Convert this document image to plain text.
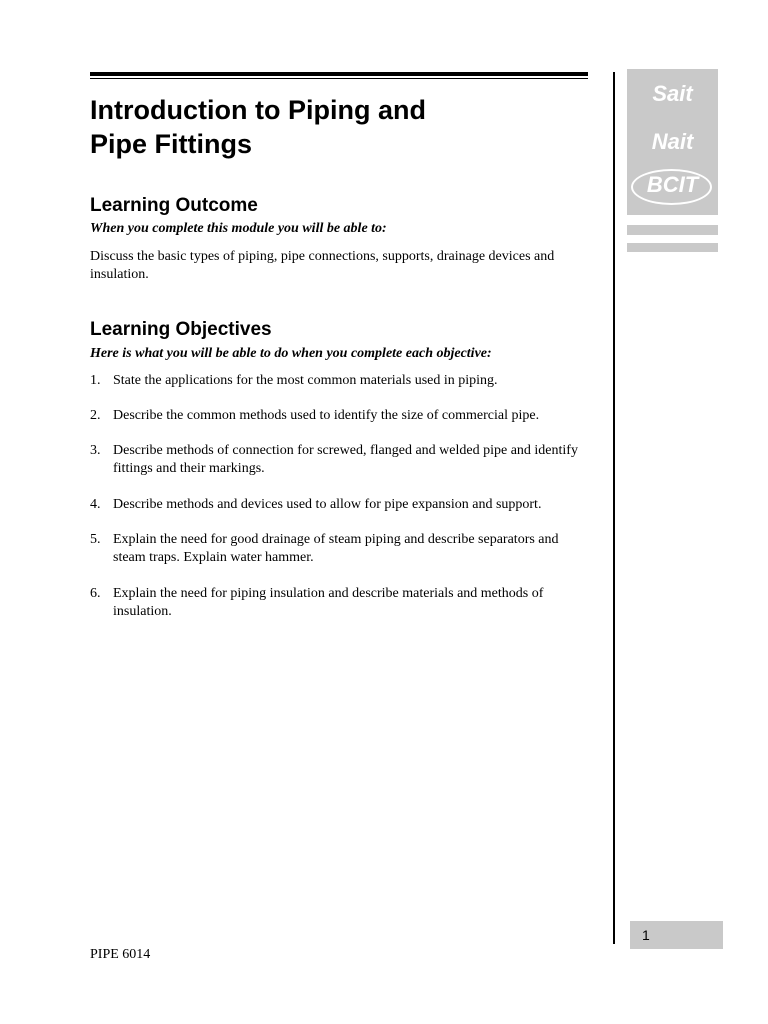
Sait
Nait
BCIT
Introduction to Piping and
Pipe Fittings
Learning Outcome
When you complete this module you will be able to:
Discuss the basic types of piping, pipe connections, supports, drainage devices and insulation.
Learning Objectives
Here is what you will be able to do when you complete each objective:
1. State the applications for the most common materials used in piping.
2. Describe the common methods used to identify the size of commercial pipe.
3. Describe methods of connection for screwed, flanged and welded pipe and identify fittings and their markings.
4. Describe methods and devices used to allow for pipe expansion and support.
5. Explain the need for good drainage of steam piping and describe separators and steam traps. Explain water hammer.
6. Explain the need for piping insulation and describe materials and methods of insulation.
1
PIPE 6014
